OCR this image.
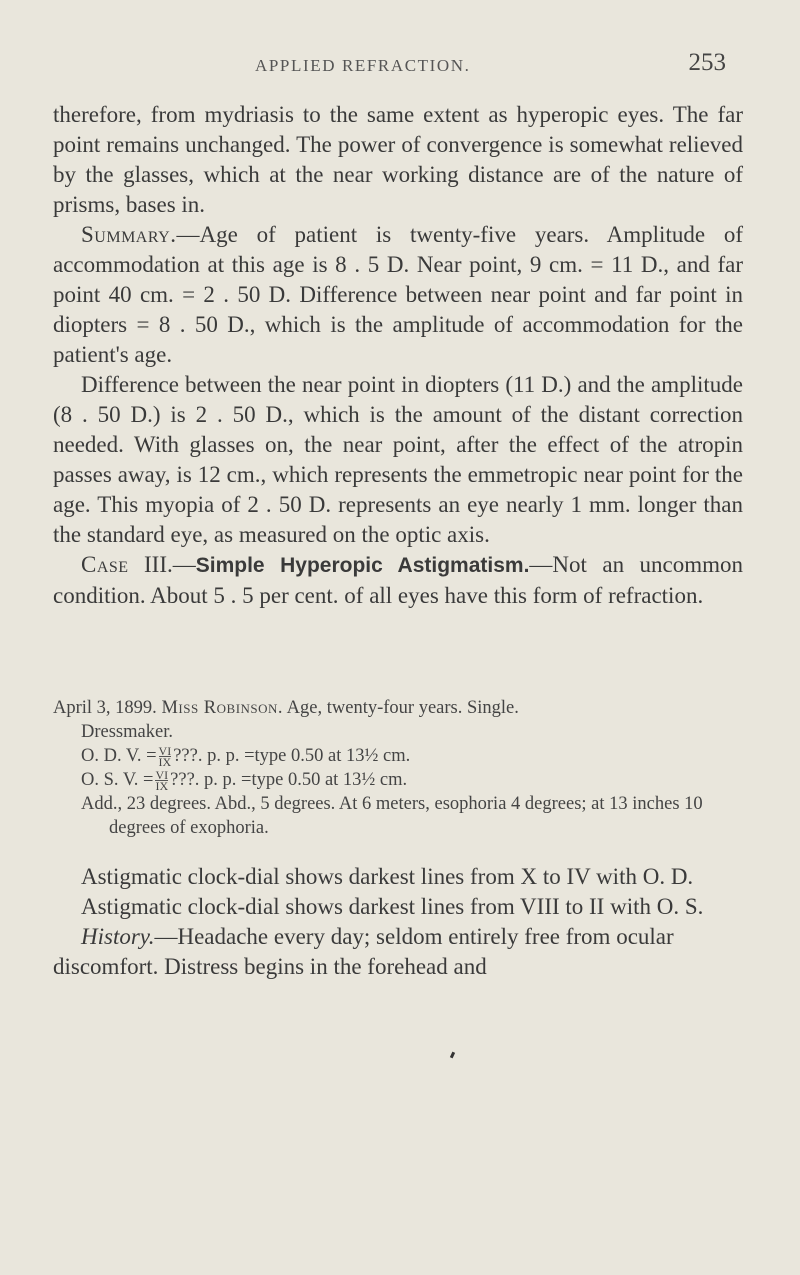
APPLIED REFRACTION.	253

therefore, from mydriasis to the same extent as hyperopic eyes. The far point remains unchanged. The power of convergence is somewhat relieved by the glasses, which at the near working distance are of the nature of prisms, bases in.

Summary.—Age of patient is twenty-five years. Amplitude of accommodation at this age is 8 . 5 D. Near point, 9 cm. = 11 D., and far point 40 cm. = 2 . 50 D. Difference between near point and far point in diopters = 8 . 50 D., which is the amplitude of accommodation for the patient's age.

Difference between the near point in diopters (11 D.) and the amplitude (8 . 50 D.) is 2 . 50 D., which is the amount of the distant correction needed. With glasses on, the near point, after the effect of the atropin passes away, is 12 cm., which represents the emmetropic near point for the age. This myopia of 2 . 50 D. represents an eye nearly 1 mm. longer than the standard eye, as measured on the optic axis.

Case III.—Simple Hyperopic Astigmatism.—Not an uncommon condition. About 5 . 5 per cent. of all eyes have this form of refraction.

April 3, 1899. Miss Robinson. Age, twenty-four years. Single.

Dressmaker.

O. D. V. = $\frac{VI}{IX}$ ???. p. p. =type 0.50 at 13½ cm.

O. S. V. = $\frac{VI}{IX}$ ???. p. p. =type 0.50 at 13½ cm.

Add., 23 degrees. Abd., 5 degrees. At 6 meters, esophoria 4 degrees; at 13 inches 10 degrees of exophoria.

Astigmatic clock-dial shows darkest lines from X to IV with O. D.

Astigmatic clock-dial shows darkest lines from VIII to II with O. S.

History.—Headache every day; seldom entirely free from ocular discomfort. Distress begins in the forehead and
